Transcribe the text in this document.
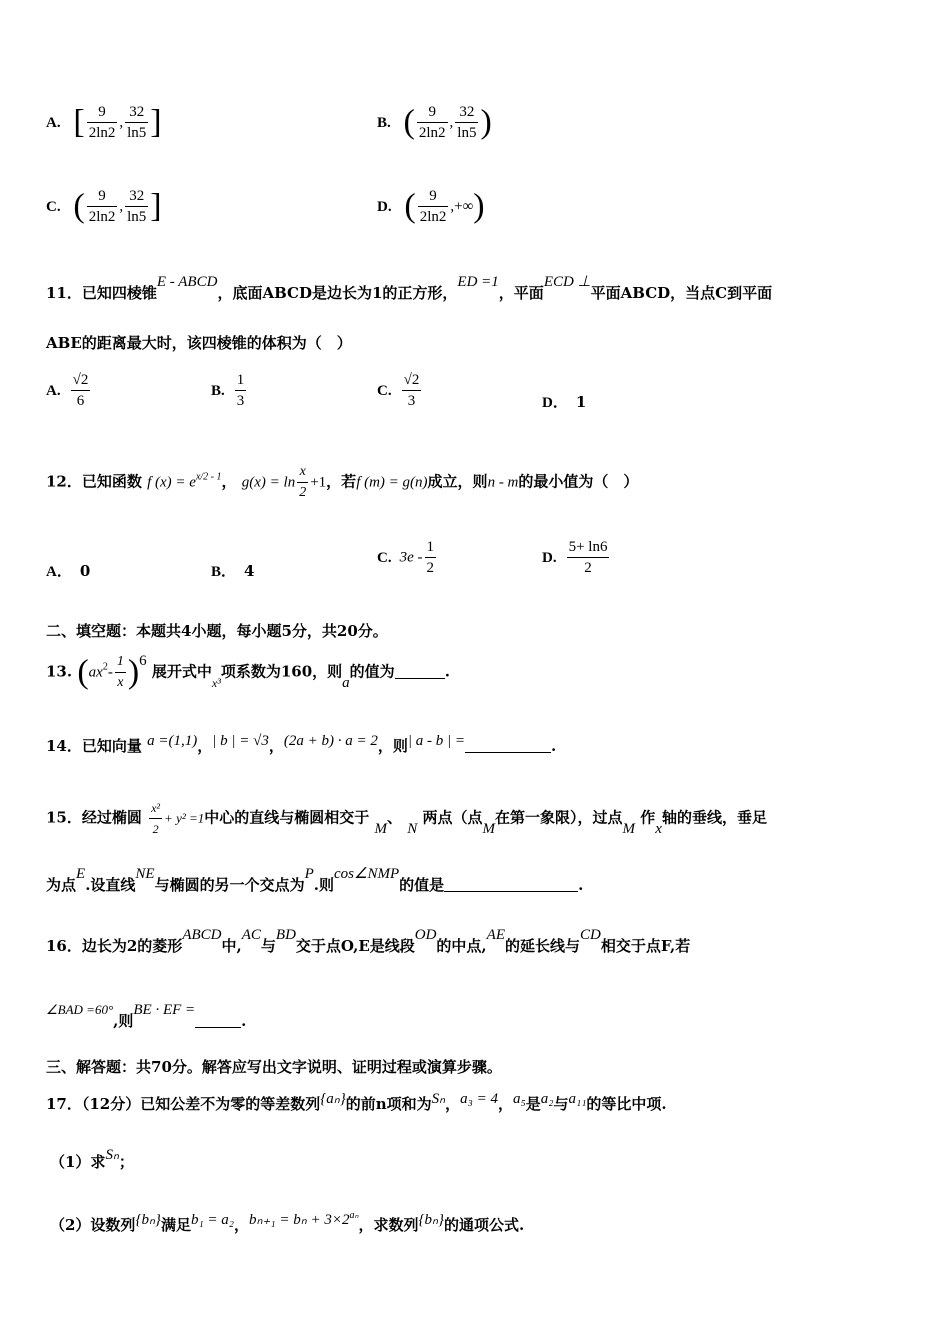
A. [ $\frac{9}{2\ln 2}$ , $\frac{32}{\ln 5}$ ]	B. ( $\frac{9}{2\ln 2}$ , $\frac{32}{\ln 5}$ )
C. ( $\frac{9}{2\ln 2}$ , $\frac{32}{\ln 5}$ ]	D. ( $\frac{9}{2\ln 2}$ ,+∞)
11．已知四棱锥E - ABCD，底面ABCD是边长为1的正方形，ED =1，平面ECD ⊥平面ABCD，当点C到平面
ABE的距离最大时，该四棱锥的体积为（　）
A. $\frac{√2}{6}$	B. $\frac{1}{3}$	C. $\frac{√2}{3}$	D． 1
12．已知函数 f $(x) = e^{x/2 - 1}$， $g(x) = \ln \frac{x}{2} +1$，若f (m) = g(n)成立，则n - m的最小值为（　）
A． 0	B． 4
C. $3e - \frac{1}{2}$	D. $\frac{5+ \ln 6}{2}$
二、填空题：本题共4小题，每小题5分，共20分。
13. $(ax^2- \frac{1}{x} )6$ 展开式中$_{x^3}$项系数为160，则a的值为	.
14．已知向量 a =(1,1)，| b | = √3，(2a + b) · a = 2，则| a - b | =	.
15．经过椭圆 $\frac{\text{x²}}{2} + y^2 =1$中心的直线与椭圆相交于 M、 N 两点（点M在第一象限），过点M 作x轴的垂线，垂足
为点E.设直线NE与椭圆的另一个交点为P.则cos∠NMP的值是	.
16．边长为2的菱形ABCD中,AC与BD交于点O,E是线段OD的中点,AE的延长线与CD相交于点F,若
∠BAD =60°,则BE · EF =.
三、解答题：共70分。解答应写出文字说明、证明过程或演算步骤。
17．（12分）已知公差不为零的等差数列{aₙ}的前n项和为Sₙ，a₃ = 4，a₅是a₂与a₁₁的等比中项.
（1）求Sₙ；
（2）设数列{bₙ}满足b₁ = a₂，$b_{n+1} = b_n + 3\times 2^{a_n}$，求数列{bₙ}的通项公式.
